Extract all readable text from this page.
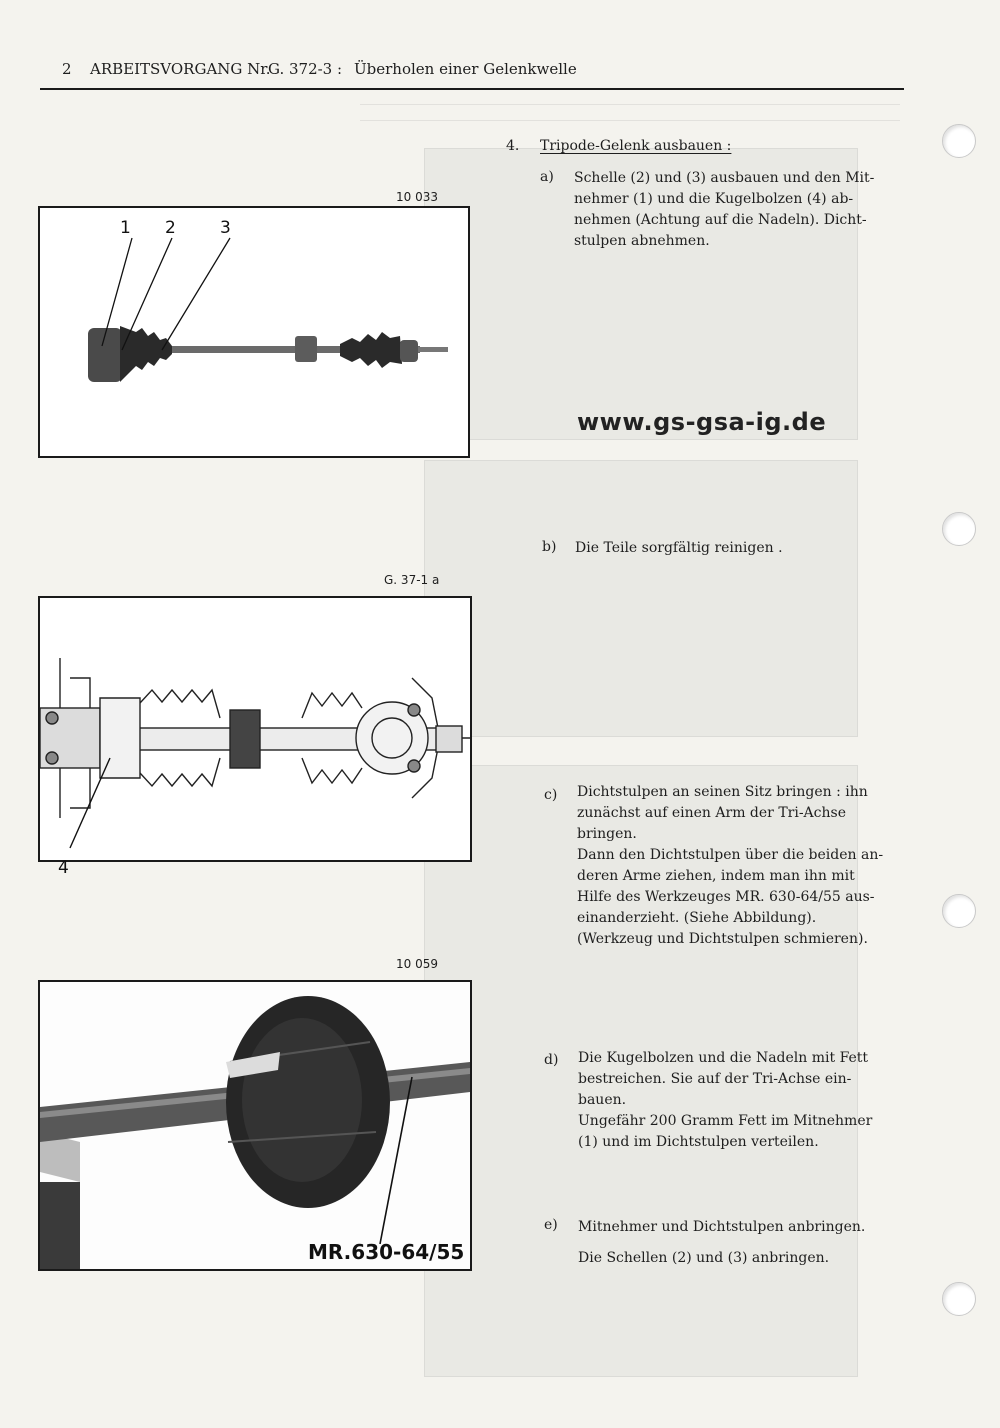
2 ARBEITSVORGANG Nr.
G. 372-3 : Überholen einer Gelenkwelle
10 033
1 2	3
G. 37-1 a
4
10 059
MR.630-64/55
www.gs-gsa-ig.de
4. Tripode-Gelenk ausbauen :
a) Schelle (2) und (3) ausbauen und den Mit-
nehmer (1) und die Kugelbolzen (4) ab-
nehmen (Achtung auf die Nadeln). Dicht-
stulpen abnehmen.
b) Die Teile sorgfältig reinigen .
c) Dichtstulpen an seinen Sitz bringen : ihn
zunächst auf einen Arm der Tri-Achse
bringen.
Dann den Dichtstulpen über die beiden an-
deren Arme ziehen, indem man ihn mit
Hilfe des Werkzeuges MR. 630-64/55 aus-
einanderzieht. (Siehe Abbildung).
(Werkzeug und Dichtstulpen schmieren).
d) Die Kugelbolzen und die Nadeln mit Fett
bestreichen. Sie auf der Tri-Achse ein-
bauen.
Ungefähr 200 Gramm Fett im Mitnehmer
(1) und im Dichtstulpen verteilen.
e) Mitnehmer und Dichtstulpen anbringen.
Die Schellen (2) und (3) anbringen.
